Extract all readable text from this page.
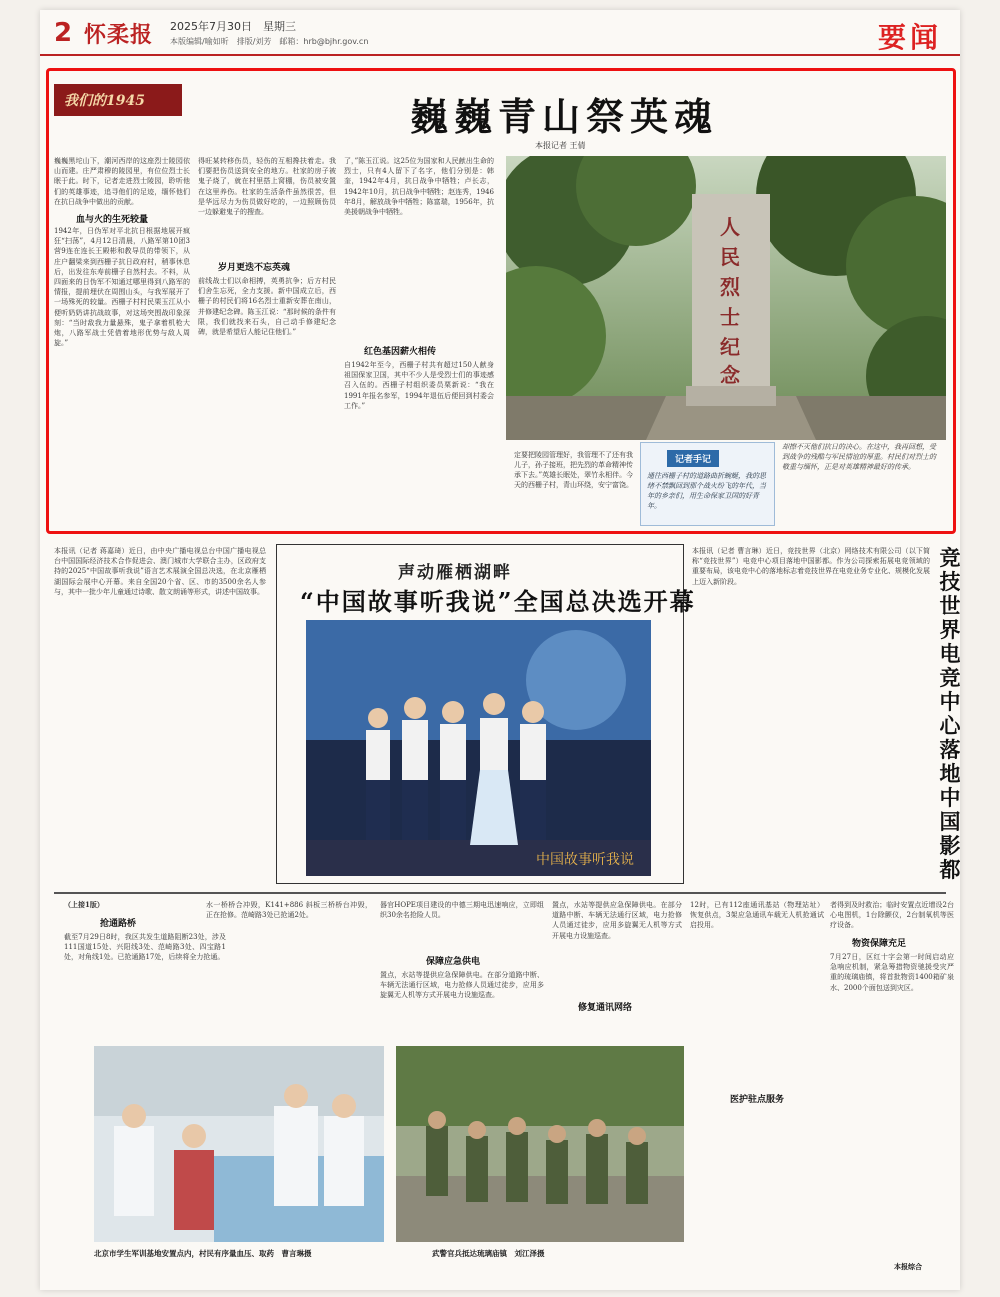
2 怀柔报 2025年7月30日　星期三
本版编辑/喻如昕　排版/刘芳　邮箱：hrb@bjhr.gov.cn	要闻
我们的1945	巍巍青山祭英魂
本报记者 王倩
巍巍黑坨山下，潮河西岸的这座烈士陵园依山而建。庄严肃穆的陵园里，有位位烈士长眠于此。时下，记者走进烈士陵园，聆听他们的英雄事迹，追寻他们的足迹，缅怀他们在抗日战争中做出的贡献。
血与火的生死较量
1942年，日伪军对平北抗日根据地展开疯狂“扫荡”，4月12日清晨，八路军第10团3营9连在连长王殿彬和教导员的带领下，从庄户翻梁来到西栅子抗日政府村，稍事休息后，出发往东寿前栅子自然村去。不料，从四面来的日伪军不知通过哪里得到八路军的情报，提前埋伏在周围山头，与我军展开了一场殊死的较量。西栅子村村民栗玉江从小便听奶奶讲抗战故事，对这场突围战印象深刻：“当时敌我力量悬殊，鬼子拿着机枪大炮，八路军战士凭借着地形优势与敌人周旋。”
得旺某转移伤员，轻伤的互相搀扶着走。我们要把伤员送到安全的地方。杜家的房子被鬼子烧了，就在村里搭上窝棚，伤员被安置在这里养伤。杜家的生活条件虽然很苦，但是华远尽力为伤员做好吃的，一边照顾伤员一边躲避鬼子的搜查。
岁月更迭不忘英魂
前线战士们以命相搏，英勇抗争；后方村民们舍生忘死，全力支援。新中国成立后，西栅子的村民们将16名烈士重新安葬在南山，并修建纪念碑。陈玉江说：“那时候的条件有限，我们就找来石头，自己动手修建纪念碑，就是希望后人能记住他们。”
了，”陈玉江说。这25位为国家和人民献出生命的烈士，只有4人留下了名字，他们分别是：韩奎，1942年4月，抗日战争中牺牲；卢长志，1942年10月，抗日战争中牺牲；赵连秀，1946年8月，解放战争中牺牲；陈富瑞，1956年，抗美援朝战争中牺牲。
红色基因薪火相传
自1942年至今，西栅子村共有超过150人献身祖国保家卫国，其中不少人是受烈士们的事迹感召入伍的。西栅子村组织委员栗新说：“我在1991年报名参军，1994年退伍后便回到村委会工作。”
人
民
烈
士
纪
念
定要把陵园管理好，我管理不了还有我儿子，孙子接班，把先烈的革命精神传承下去。”英雄长眠处，翠竹永相伴。今天的西栅子村，青山环绕，安宁富饶。
记者手记
通往西栅子村的道路曲折蜿蜒，我的思绪不禁飘回到那个战火纷飞的年代，当年的乡亲们，用生命保家卫国的好青年。
却擦不灭他们抗日的决心。在这中，我再回想，受到战争的残酷与军民情谊的厚重。村民们对烈士的敬重与缅怀，正是对英雄精神最好的传承。
本报讯（记者 蒋嘉琦）近日，由中央广播电视总台中国广播电视总台中国国际经济技术合作促进会、澳门城市大学联合主办，区政府支持的2025“中国故事听我说”语言艺术展演全国总决选，在北京雁栖湖国际会展中心开幕。来自全国20个省、区、市的3500余名人参与，其中一批少年儿童通过诗歌、散文朗诵等形式，讲述中国故事。
声动雁栖湖畔
“中国故事听我说”全国总决选开幕
中国故事听我说
本报讯（记者 曹言琳）近日，竞技世界（北京）网络技术有限公司（以下简称“竞技世界”）电竞中心项目落地中国影都。作为公司探索拓展电竞领域的重要布局，该电竞中心的落地标志着竞技世界在电竞业务专业化、规模化发展上迈入新阶段。
竞技世界电竞中心落地中国影都
（上接1版）
抢通路桥
截至7月29日8时，我区共发生道路阻断23处，涉及111国道15处、兴阳线3处、范崎路3处、四宝路1处，对角线1处。已抢通路17处，后续将全力抢通。
水一桥桥合冲毁，K141+886 斜板三桥桥台冲毁，正在抢修。范崎路3处已抢通2处。
器官HOPE项目建设的中德三期电迅速响应，立即组织30余名抢险人员。
保障应急供电
置点，水站等提供应急保障供电。在部分道路中断、车辆无法通行区域，电力抢修人员通过徒步，应用多旋翼无人机等方式开展电力设施巡查。
置点，水站等提供应急保障供电。在部分道路中断、车辆无法通行区域，电力抢修人员通过徒步，应用多旋翼无人机等方式开展电力设施巡查。
修复通讯网络
12时，已有112座通讯基站（物理站址）恢复供点，3架应急通讯车载无人机抢通试启投用。
医护驻点服务
者得到及时救治；临时安置点近增设2台心电图机，1台除颤仪，2台制氧机等医疗设备。
物资保障充足
7月27日，区红十字会第一时间启动应急响应机制，紧急筹措物资驰援受灾严重的琉璃庙镇，将首批物资1400箱矿泉水、2000个面包送到灾区。
本报综合
北京市学生军训基地安置点内，村民有序量血压、取药　曹言琳摄	武警官兵抵达琉璃庙镇　刘江泽摄
